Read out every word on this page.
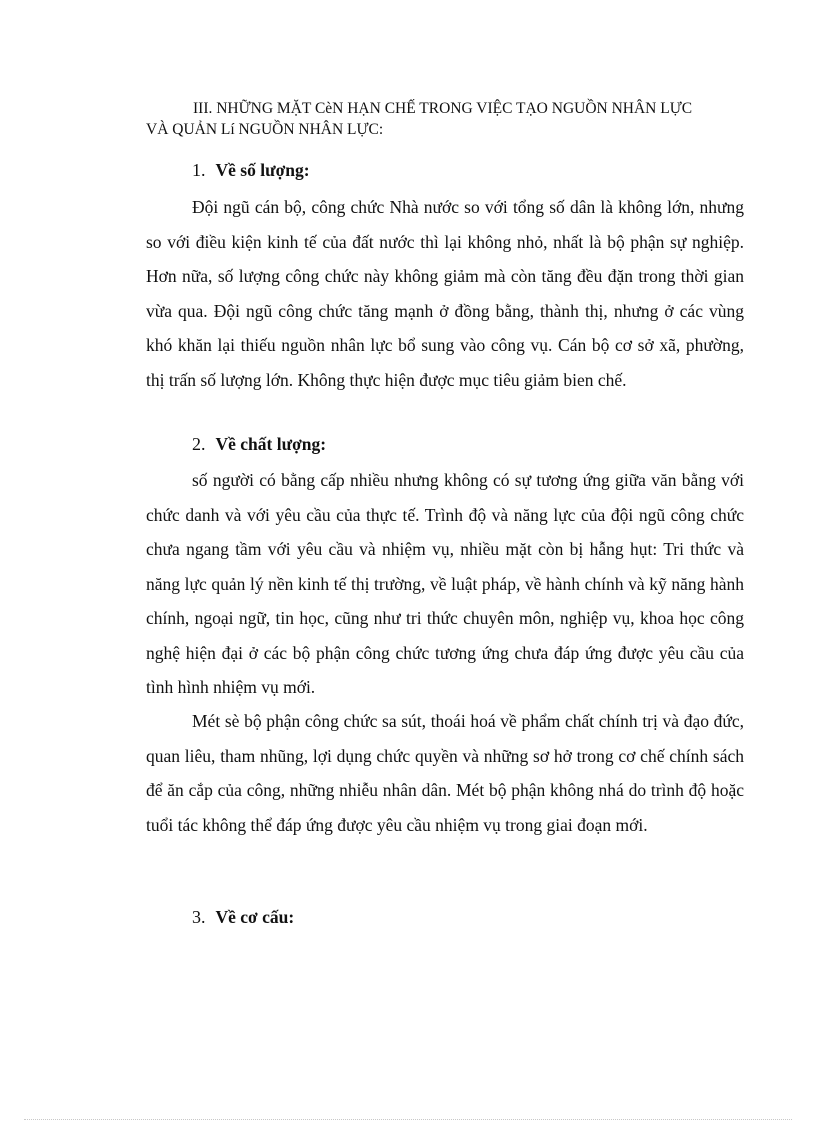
III. NHỮNG MẶT CèN HẠN CHẾ TRONG VIỆC TẠO NGUỒN NHÂN LỰC
VÀ QUẢN Lí NGUỒN NHÂN LỰC:
1. Về số lượng:

Đội ngũ cán bộ, công chức Nhà nước so với tổng số dân là không lớn, nhưng so với điều kiện kinh tế của đất nước thì lại không nhỏ, nhất là bộ phận sự nghiệp. Hơn nữa, số lượng công chức này không giảm mà còn tăng đều đặn trong thời gian vừa qua. Đội ngũ công chức tăng mạnh ở đồng bằng, thành thị, nhưng ở các vùng khó khăn lại thiếu nguồn nhân lực bổ sung vào công vụ. Cán bộ cơ sở xã, phường, thị trấn số lượng lớn. Không thực hiện được mục tiêu giảm bien chế.

2. Về chất lượng:

số người có bằng cấp nhiều nhưng không có sự tương ứng giữa văn bằng với chức danh và với yêu cầu của thực tế. Trình độ và năng lực của đội ngũ công chức chưa ngang tầm với yêu cầu và nhiệm vụ, nhiều mặt còn bị hẫng hụt: Tri thức và năng lực quản lý nền kinh tế thị trường, về luật pháp, về hành chính và kỹ năng hành chính, ngoại ngữ, tin học, cũng như tri thức chuyên môn, nghiệp vụ, khoa học công nghệ hiện đại ở các bộ phận công chức tương ứng chưa đáp ứng được yêu cầu của tình hình nhiệm vụ mới.

Mét sè bộ phận công chức sa sút, thoái hoá về phẩm chất chính trị và đạo đức, quan liêu, tham nhũng, lợi dụng chức quyền và những sơ hở trong cơ chế chính sách để ăn cắp của công, những nhiễu nhân dân. Mét bộ phận không nhá do trình độ hoặc tuổi tác không thể đáp ứng được yêu cầu nhiệm vụ trong giai đoạn mới.

3. Về cơ cấu:
